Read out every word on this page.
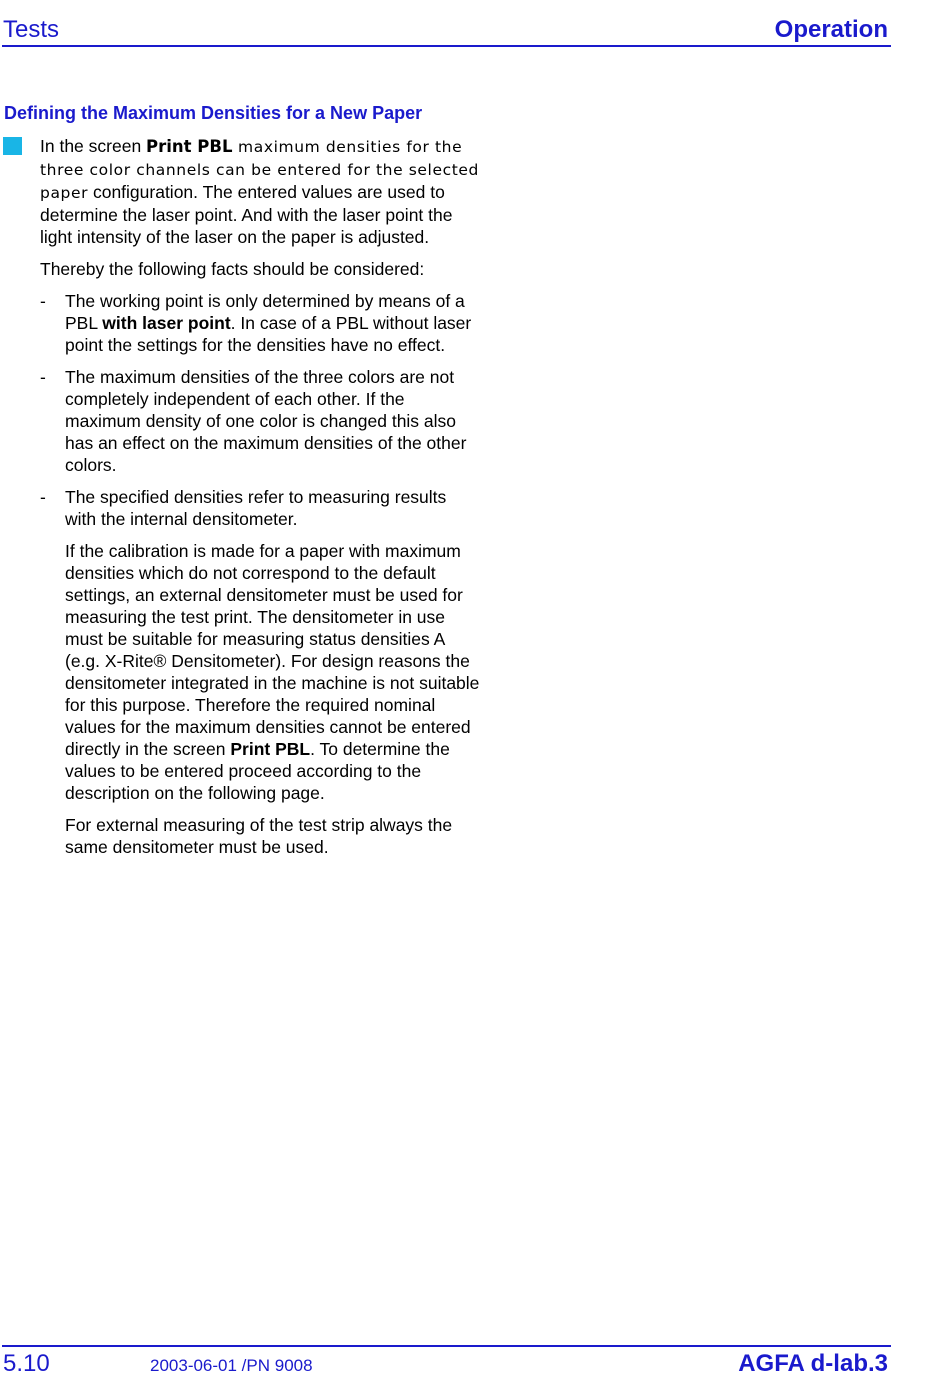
Tests	Operation
Defining the Maximum Densities for a New Paper

In the screen Print PBL maximum densities for the three color channels can be entered for the selected paper configuration. The entered values are used to determine the laser point. And with the laser point the light intensity of the laser on the paper is adjusted.

Thereby the following facts should be considered:

- The working point is only determined by means of a PBL with laser point. In case of a PBL without laser point the settings for the densities have no effect.
- The maximum densities of the three colors are not completely independent of each other. If the maximum density of one color is changed this also has an effect on the maximum densities of the other colors.
- The specified densities refer to measuring results with the internal densitometer.

If the calibration is made for a paper with maximum densities which do not correspond to the default settings, an external densitometer must be used for measuring the test print. The densitometer in use must be suitable for measuring status densities A (e.g. X-Rite® Densitometer). For design reasons the densitometer integrated in the machine is not suitable for this purpose. Therefore the required nominal values for the maximum densities cannot be entered directly in the screen Print PBL. To determine the values to be entered proceed according to the description on the following page.

For external measuring of the test strip always the same densitometer must be used.

5.10	2003-06-01 /PN 9008	AGFA d-lab.3
